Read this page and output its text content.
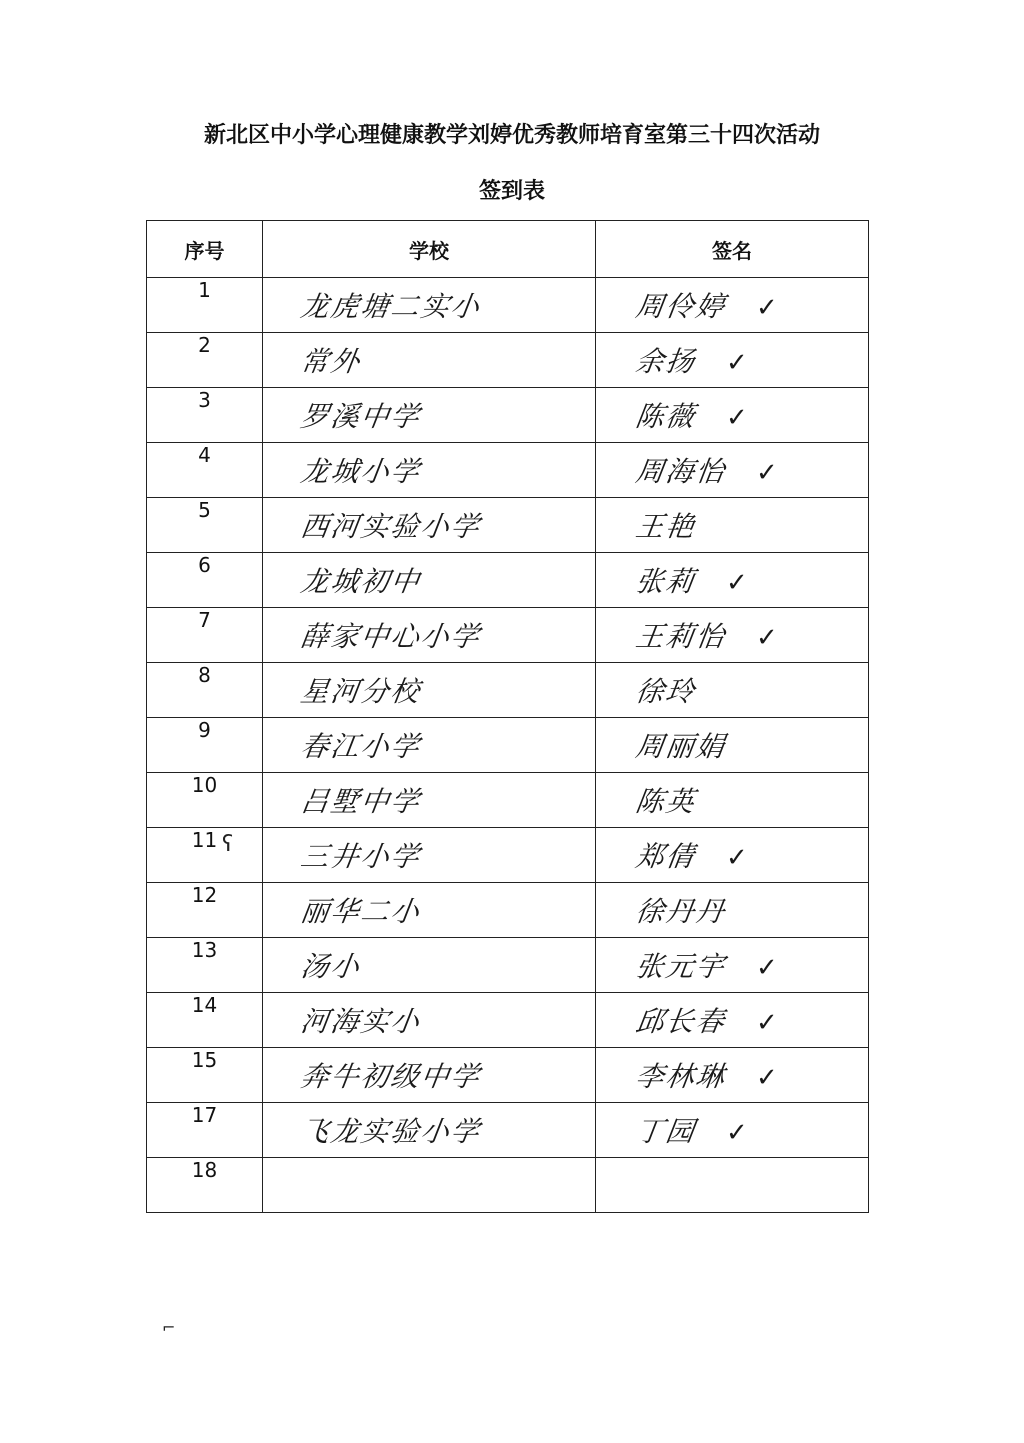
新北区中小学心理健康教学刘婷优秀教师培育室第三十四次活动
签到表
序号	学校	签名
1	龙虎塘二实小	周伶婷 ✓
2	常外	余扬 ✓
3	罗溪中学	陈薇 ✓
4	龙城小学	周海怡 ✓
5	西河实验小学	王艳
6	龙城初中	张莉 ✓
7	薛家中心小学	王莉怡 ✓
8	星河分校	徐玲
9	春江小学	周丽娟
10	吕墅中学	陈英
11	三井小学	郑倩 ✓
12	丽华二小	徐丹丹
13	汤小	张元宇 ✓
14	河海实小	邱长春 ✓
15	奔牛初级中学	李林琳 ✓
17	飞龙实验小学	丁园 ✓
18		
ʕ
⌐
